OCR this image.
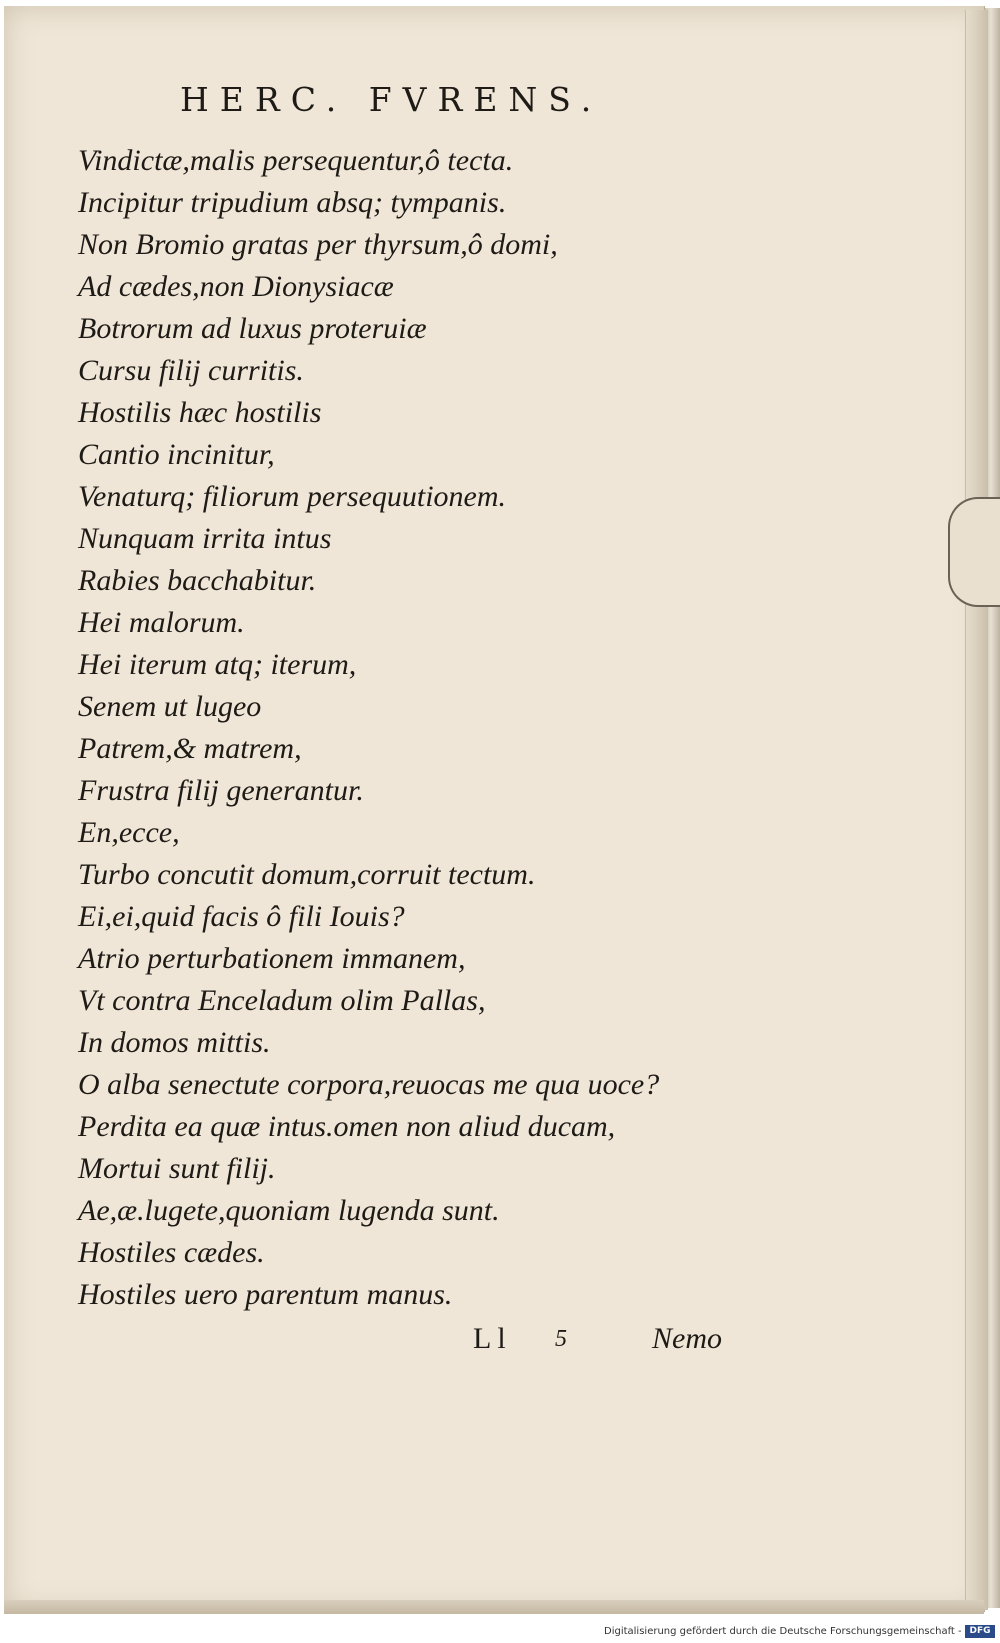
HERC. FVRENS.
Vindictæ,malis persequentur,ô tecta.
Incipitur tripudium absq; tympanis.
Non Bromio gratas per thyrsum,ô domi,
Ad cædes,non Dionysiacæ
Botrorum ad luxus proteruiæ
Cursu filij curritis.
Hostilis hæc hostilis
Cantio incinitur,
Venaturq; filiorum persequutionem.
Nunquam irrita intus
Rabies bacchabitur.
Hei malorum.
Hei iterum atq; iterum,
Senem ut lugeo
Patrem,& matrem,
Frustra filij generantur.
En,ecce,
Turbo concutit domum,corruit tectum.
Ei,ei,quid facis ô fili Iouis?
Atrio perturbationem immanem,
Vt contra Enceladum olim Pallas,
In domos mittis.
O alba senectute corpora,reuocas me qua uoce?
Perdita ea quæ intus.omen non aliud ducam,
Mortui sunt filij.
Ae,æ.lugete,quoniam lugenda sunt.
Hostiles cædes.
Hostiles uero parentum manus.
Ll 5	Nemo
Digitalisierung gefördert durch die Deutsche Forschungsgemeinschaft - DFG
